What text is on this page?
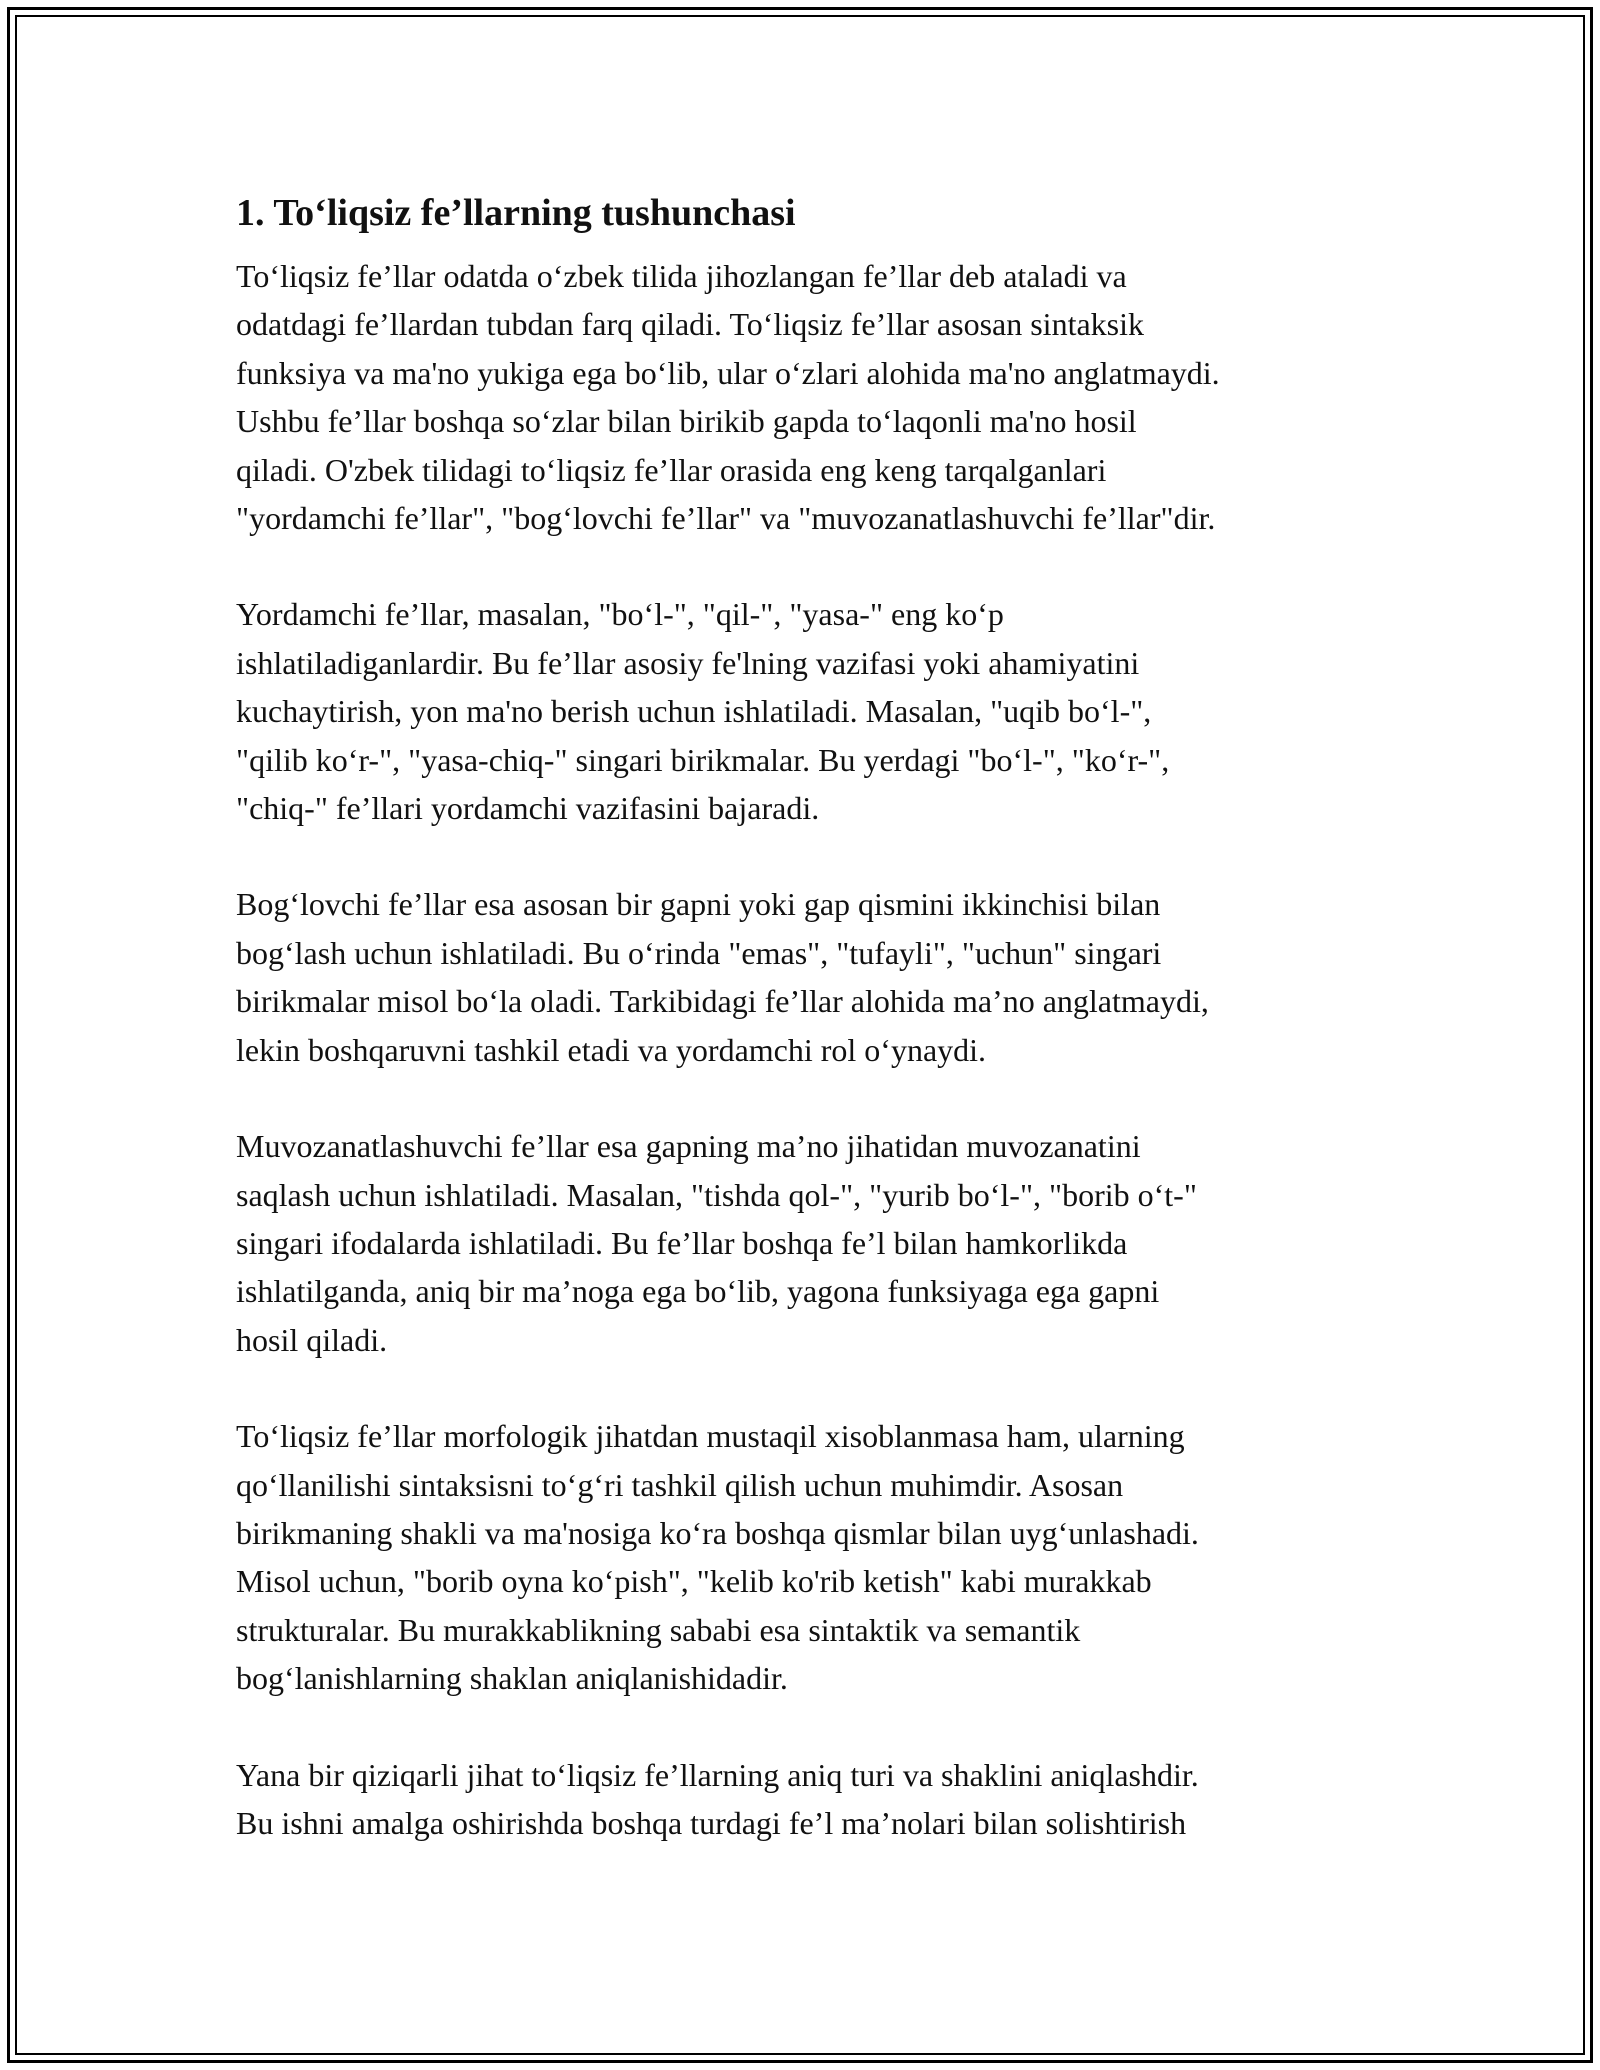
1. To‘liqsiz fe’llarning tushunchasi

To‘liqsiz fe’llar odatda o‘zbek tilida jihozlangan fe’llar deb ataladi va
odatdagi fe’llardan tubdan farq qiladi. To‘liqsiz fe’llar asosan sintaksik
funksiya va ma'no yukiga ega bo‘lib, ular o‘zlari alohida ma'no anglatmaydi.
Ushbu fe’llar boshqa so‘zlar bilan birikib gapda to‘laqonli ma'no hosil
qiladi. O'zbek tilidagi to‘liqsiz fe’llar orasida eng keng tarqalganlari
"yordamchi fe’llar", "bog‘lovchi fe’llar" va "muvozanatlashuvchi fe’llar"dir.

Yordamchi fe’llar, masalan, "bo‘l-", "qil-", "yasa-" eng ko‘p
ishlatiladiganlardir. Bu fe’llar asosiy fe'lning vazifasi yoki ahamiyatini
kuchaytirish, yon ma'no berish uchun ishlatiladi. Masalan, "uqib bo‘l-",
"qilib ko‘r-", "yasa-chiq-" singari birikmalar. Bu yerdagi "bo‘l-", "ko‘r-",
"chiq-" fe’llari yordamchi vazifasini bajaradi.

Bog‘lovchi fe’llar esa asosan bir gapni yoki gap qismini ikkinchisi bilan
bog‘lash uchun ishlatiladi. Bu o‘rinda "emas", "tufayli", "uchun" singari
birikmalar misol bo‘la oladi. Tarkibidagi fe’llar alohida ma’no anglatmaydi,
lekin boshqaruvni tashkil etadi va yordamchi rol o‘ynaydi.

Muvozanatlashuvchi fe’llar esa gapning ma’no jihatidan muvozanatini
saqlash uchun ishlatiladi. Masalan, "tishda qol-", "yurib bo‘l-", "borib o‘t-"
singari ifodalarda ishlatiladi. Bu fe’llar boshqa fe’l bilan hamkorlikda
ishlatilganda, aniq bir ma’noga ega bo‘lib, yagona funksiyaga ega gapni
hosil qiladi.

To‘liqsiz fe’llar morfologik jihatdan mustaqil xisoblanmasa ham, ularning
qo‘llanilishi sintaksisni to‘g‘ri tashkil qilish uchun muhimdir. Asosan
birikmaning shakli va ma'nosiga ko‘ra boshqa qismlar bilan uyg‘unlashadi.
Misol uchun, "borib oyna ko‘pish", "kelib ko'rib ketish" kabi murakkab
strukturalar. Bu murakkablikning sababi esa sintaktik va semantik
bog‘lanishlarning shaklan aniqlanishidadir.

Yana bir qiziqarli jihat to‘liqsiz fe’llarning aniq turi va shaklini aniqlashdir.
Bu ishni amalga oshirishda boshqa turdagi fe’l ma’nolari bilan solishtirish
